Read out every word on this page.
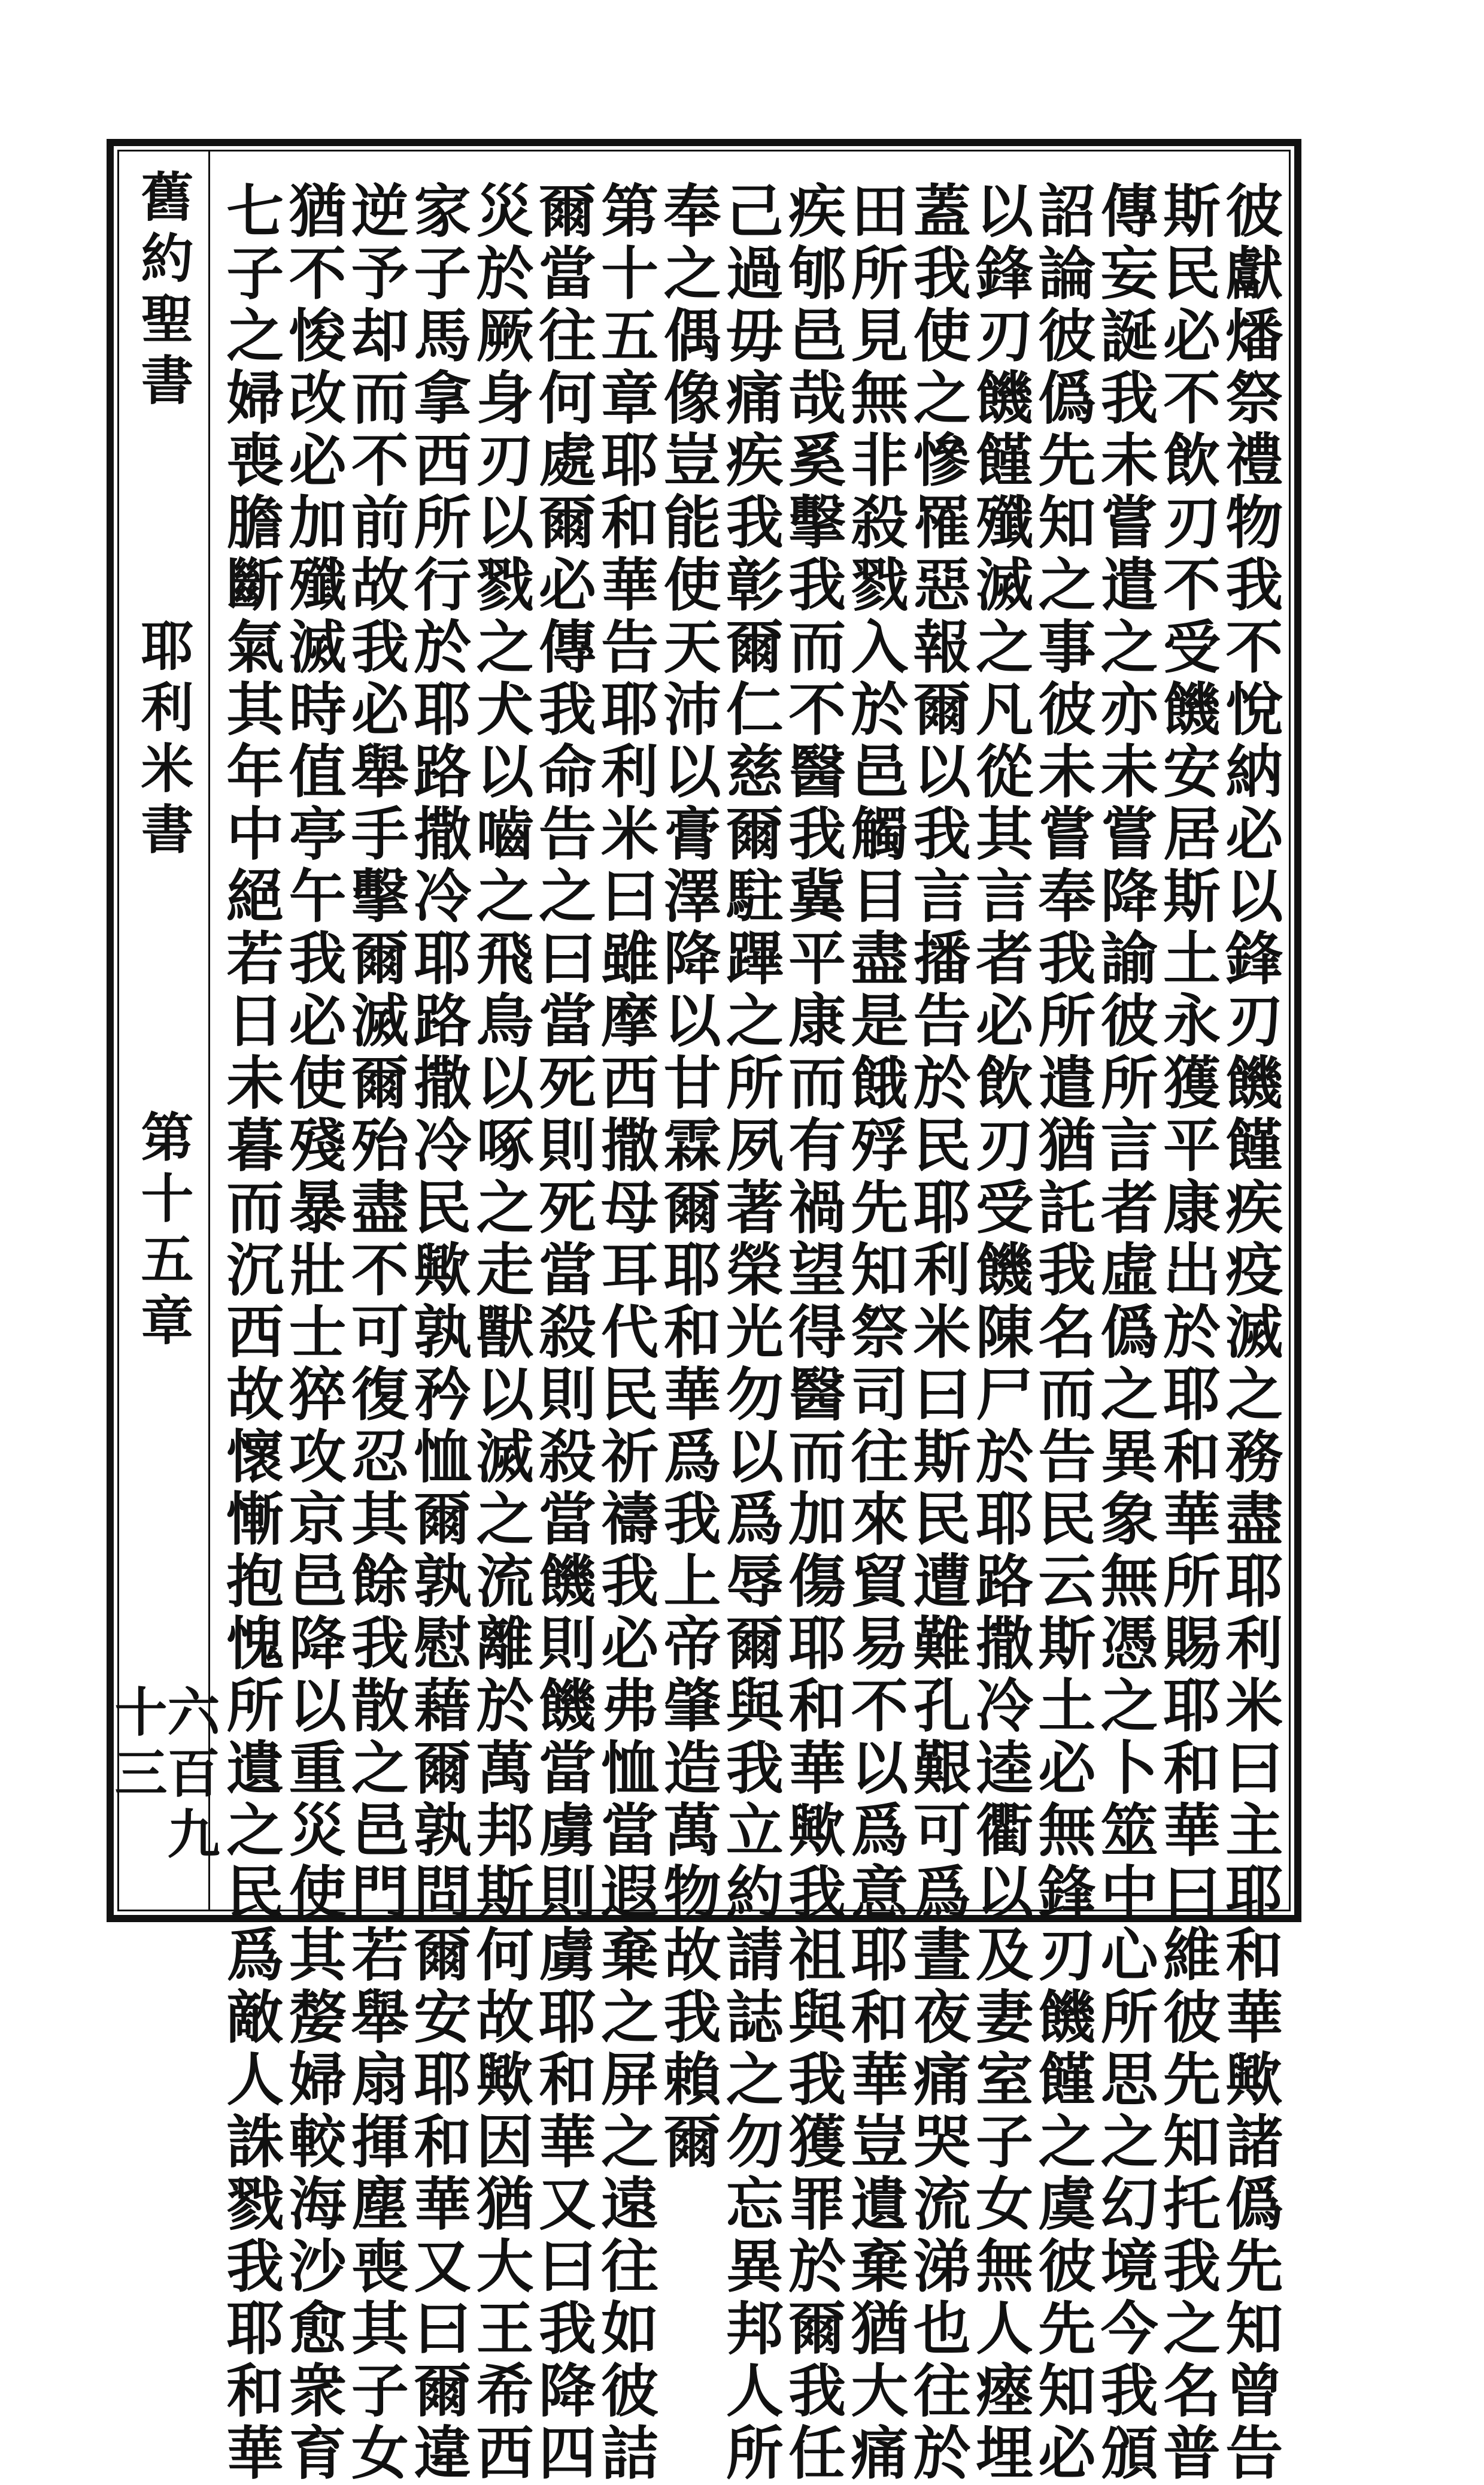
舊約聖書
耶利米書
第十五章
六百九十三	彼獻燔祭禮物我不悅納必以鋒刃饑饉疾疫滅之務盡耶利米曰主耶和華歟諸僞先知曾告
斯民必不飲刃不受饑安居斯土永獲平康出於耶和華所賜耶和華曰維彼先知托我之名普
傳妄誕我未嘗遣之亦未嘗降諭彼所言者虛僞之異象無憑之卜筮中心所思之幻境今我頒
詔論彼僞先知之事彼未嘗奉我所遣猶託我名而告民云斯土必無鋒刃饑饉之虞彼先知必
以鋒刃饑饉殲滅之凡從其言者必飲刃受饑陳尸於耶路撒冷逵衢以及妻室子女無人瘞埋
蓋我使之慘罹惡報爾以我言播告於民耶利米曰斯民遭難孔艱可爲晝夜痛哭流涕也往於
田所見無非殺戮入於邑觸目盡是餓殍先知祭司往來貿易不以爲意耶和華豈遺棄猶大痛
疾郇邑哉奚擊我而不醫我冀平康而有禍望得醫而加傷耶和華歟我祖與我獲罪於爾我任
己過毋痛疾我彰爾仁慈爾駐蹕之所夙著榮光勿以爲辱爾與我立約請誌之勿忘異邦人所
奉之偶像豈能使天沛以膏澤降以甘霖爾耶和華爲我上帝肇造萬物故我賴爾
第十五章耶和華告耶利米曰雖摩西撒母耳代民祈禱我必弗恤當遐棄之屏之遠往如彼詰
爾當往何處爾必傳我命告之曰當死則死當殺則殺當饑則饑當虜則虜耶和華又曰我降四
災於厥身刃以戮之犬以嚙之飛鳥以啄之走獸以滅之流離於萬邦斯何故歟因猶大王希西
家子馬拿西所行於耶路撒冷耶路撒冷民歟孰矜恤爾孰慰藉爾孰問爾安耶和華又曰爾違
逆予却而不前故我必舉手擊爾滅爾殆盡不可復忍其餘我散之邑門若舉扇揮塵喪其子女
猶不悛改必加殲滅時值亭午我必使殘暴壯士猝攻京邑降以重災使其嫠婦較海沙愈衆育
七子之婦喪膽斷氣其年中絕若日未暮而沉西故懷慚抱愧所遺之民爲敵人誅戮我耶和華
